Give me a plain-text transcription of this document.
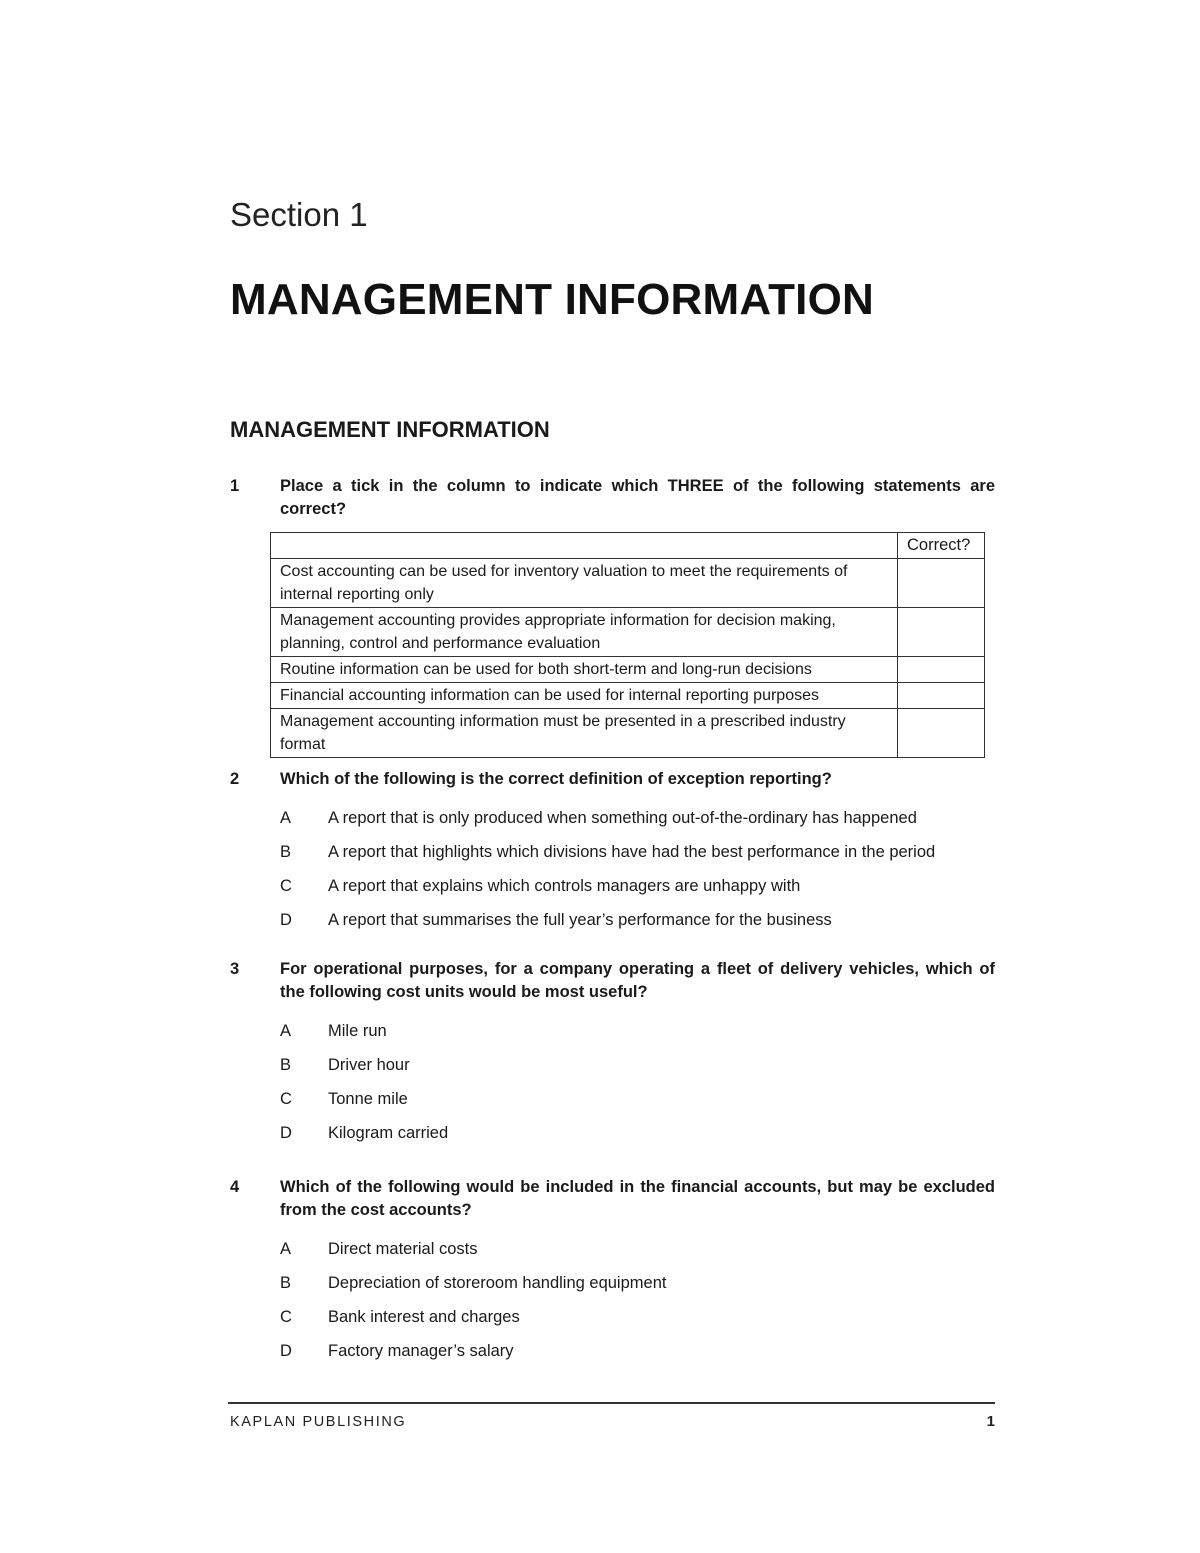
Section 1
MANAGEMENT INFORMATION
MANAGEMENT INFORMATION
1	Place a tick in the column to indicate which THREE of the following statements are correct?
	Correct?
Cost accounting can be used for inventory valuation to meet the requirements of internal reporting only	
Management accounting provides appropriate information for decision making, planning, control and performance evaluation	
Routine information can be used for both short-term and long-run decisions	
Financial accounting information can be used for internal reporting purposes	
Management accounting information must be presented in a prescribed industry format	
2	Which of the following is the correct definition of exception reporting?
A	A report that is only produced when something out-of-the-ordinary has happened
B	A report that highlights which divisions have had the best performance in the period
C	A report that explains which controls managers are unhappy with
D	A report that summarises the full year’s performance for the business
3	For operational purposes, for a company operating a fleet of delivery vehicles, which of the following cost units would be most useful?
A	Mile run
B	Driver hour
C	Tonne mile
D	Kilogram carried
4	Which of the following would be included in the financial accounts, but may be excluded from the cost accounts?
A	Direct material costs
B	Depreciation of storeroom handling equipment
C	Bank interest and charges
D	Factory manager’s salary
KAPLAN PUBLISHING	1
